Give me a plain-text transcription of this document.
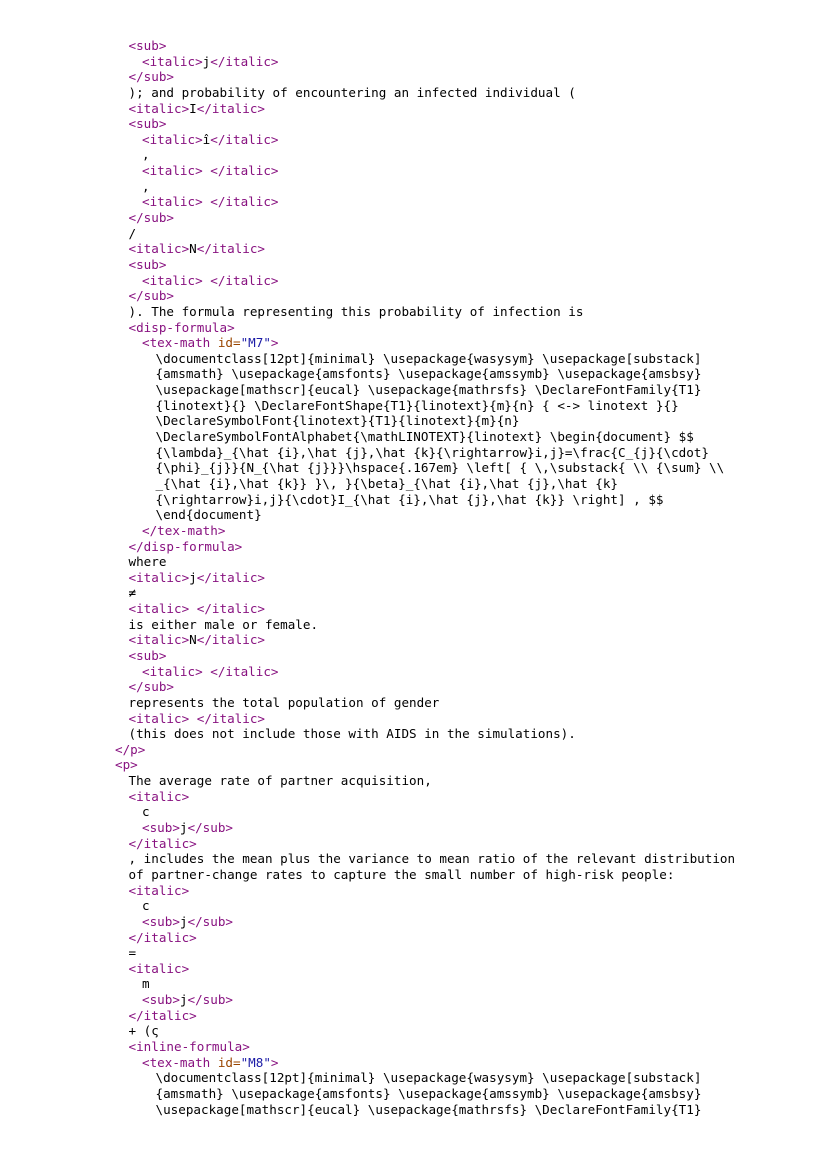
<sub>
<italic>j</italic>
</sub>
); and probability of encountering an infected individual (
<italic>I</italic>
<sub>
<italic>î</italic>
,
<italic> </italic>
,
<italic> </italic>
</sub>
/
<italic>N</italic>
<sub>
<italic> </italic>
</sub>
). The formula representing this probability of infection is
<disp-formula>
<tex-math id="M7">
\documentclass[12pt]{minimal} \usepackage{wasysym} \usepackage[substack]
{amsmath} \usepackage{amsfonts} \usepackage{amssymb} \usepackage{amsbsy}
\usepackage[mathscr]{eucal} \usepackage{mathrsfs} \DeclareFontFamily{T1}
{linotext}{} \DeclareFontShape{T1}{linotext}{m}{n} { <-> linotext }{}
\DeclareSymbolFont{linotext}{T1}{linotext}{m}{n}
\DeclareSymbolFontAlphabet{\mathLINOTEXT}{linotext} \begin{document} $$
{\lambda}_{\hat {i},\hat {j},\hat {k}{\rightarrow}i,j}=\frac{C_{j}{\cdot}
{\phi}_{j}}{N_{\hat {j}}}\hspace{.167em} \left[ { \,\substack{ \\ {\sum} \\
_{\hat {i},\hat {k}} }\, }{\beta}_{\hat {i},\hat {j},\hat {k}
{\rightarrow}i,j}{\cdot}I_{\hat {i},\hat {j},\hat {k}} \right] , $$
\end{document}
</tex-math>
</disp-formula>
where
<italic>j</italic>
≠
<italic> </italic>
is either male or female.
<italic>N</italic>
<sub>
<italic> </italic>
</sub>
represents the total population of gender
<italic> </italic>
(this does not include those with AIDS in the simulations).
</p>
<p>
The average rate of partner acquisition,
<italic>
c
<sub>j</sub>
</italic>
, includes the mean plus the variance to mean ratio of the relevant distribution
of partner-change rates to capture the small number of high-risk people:
<italic>
c
<sub>j</sub>
</italic>
=
<italic>
m
<sub>j</sub>
</italic>
+ (ς
<inline-formula>
<tex-math id="M8">
\documentclass[12pt]{minimal} \usepackage{wasysym} \usepackage[substack]
{amsmath} \usepackage{amsfonts} \usepackage{amssymb} \usepackage{amsbsy}
\usepackage[mathscr]{eucal} \usepackage{mathrsfs} \DeclareFontFamily{T1}
